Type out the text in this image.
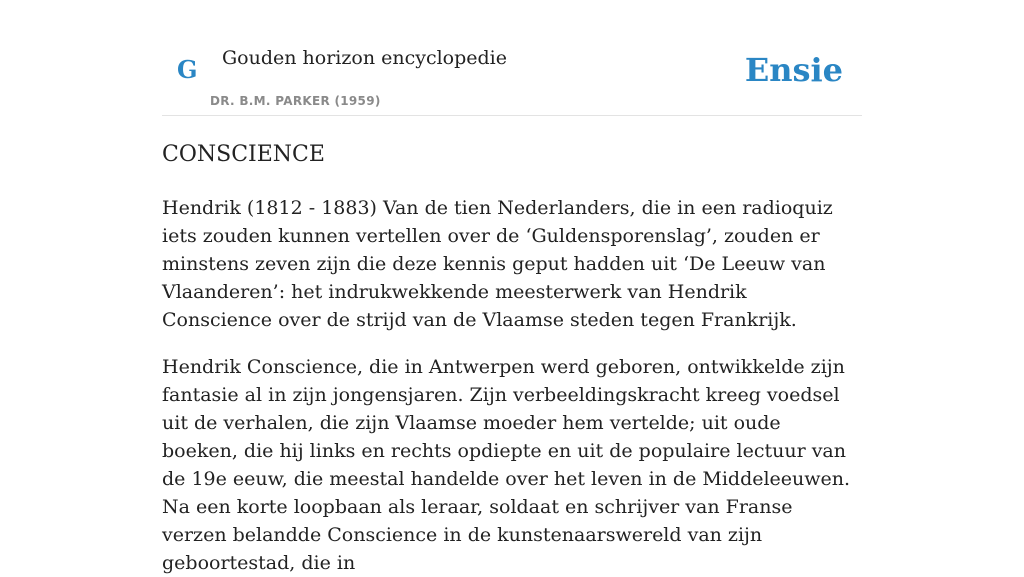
G Gouden horizon encyclopedie
DR. B.M. PARKER (1959)
Ensie
CONSCIENCE

Hendrik (1812 - 1883) Van de tien Nederlanders, die in een radioquiz iets zouden kunnen vertellen over de ‘Guldensporenslag’, zouden er minstens zeven zijn die deze kennis geput hadden uit ‘De Leeuw van Vlaanderen’: het indrukwekkende meesterwerk van Hendrik Conscience over de strijd van de Vlaamse steden tegen Frankrijk.

Hendrik Conscience, die in Antwerpen werd geboren, ontwikkelde zijn fantasie al in zijn jongensjaren. Zijn verbeeldingskracht kreeg voedsel uit de verhalen, die zijn Vlaamse moeder hem vertelde; uit oude boeken, die hij links en rechts opdiepte en uit de populaire lectuur van de 19e eeuw, die meestal handelde over het leven in de Middeleeuwen. Na een korte loopbaan als leraar, soldaat en schrijver van Franse verzen belandde Conscience in de kunstenaarswereld van zijn geboortestad, die in
